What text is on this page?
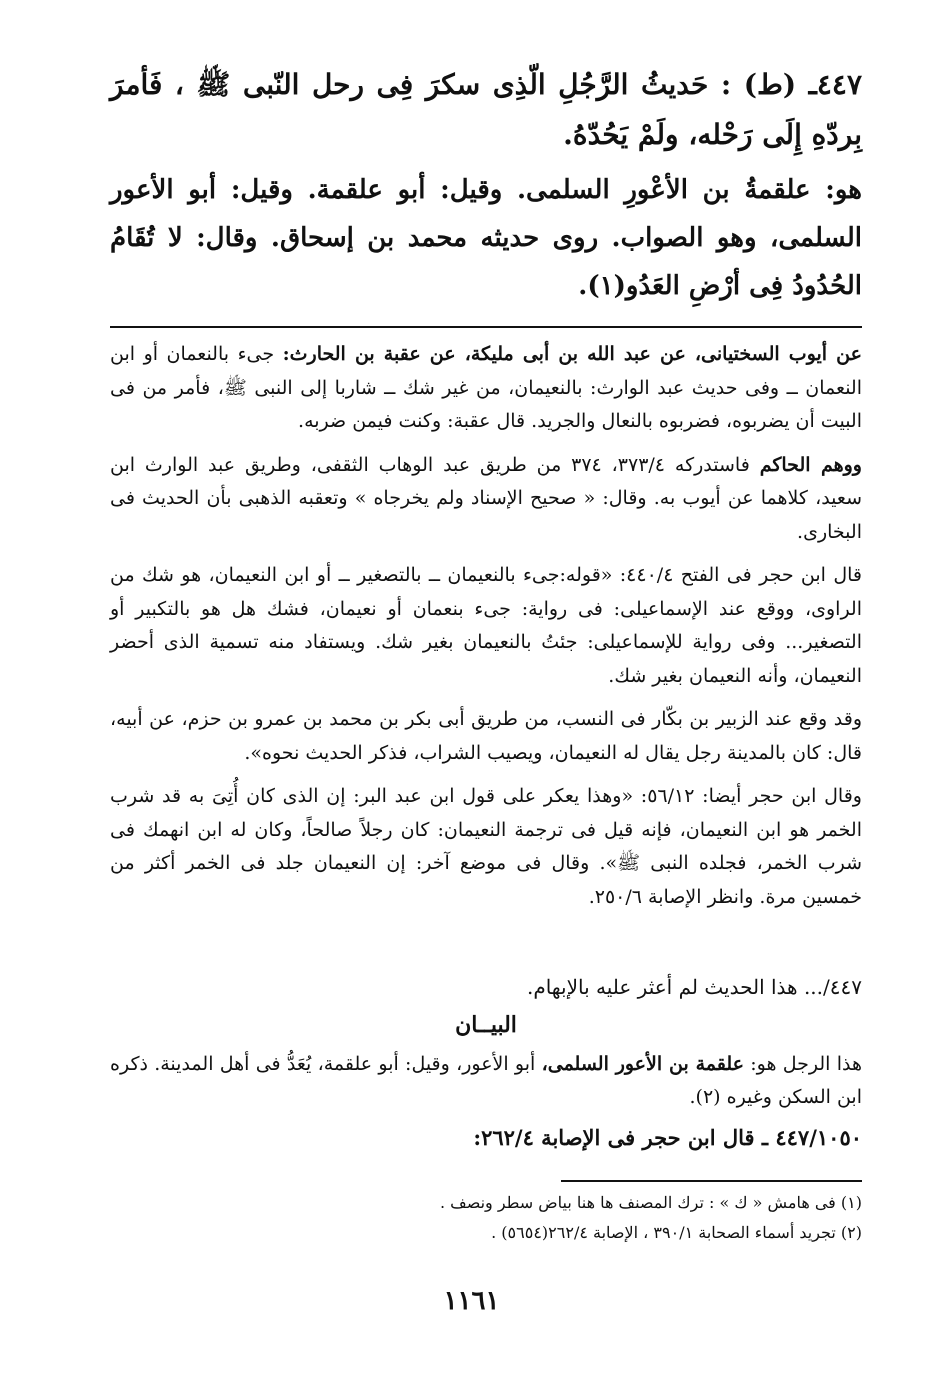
٤٤٧ـ (ط) : حَديثُ الرَّجُلِ الّذِى سكرَ فِى رحل النّبى ﷺ ، فَأمرَ بِردّهِ إِلَى رَحْله، ولَمْ يَحُدّهُ.

هو: علقمةُ بن الأعْورِ السلمى. وقيل: أبو علقمة. وقيل: أبو الأعور السلمى، وهو الصواب. روى حديثه محمد بن إسحاق. وقال: لا تُقَامُ الحُدُودُ فِى أرْضِ العَدُو(١).

عن أيوب السختيانى، عن عبد الله بن أبى مليكة، عن عقبة بن الحارث: جىء بالنعمان أو ابن النعمان ــ وفى حديث عبد الوارث: بالنعيمان، من غير شك ــ شاربا إلى النبى ﷺ، فأمر من فى البيت أن يضربوه، فضربوه بالنعال والجريد. قال عقبة: وكنت فيمن ضربه.

ووهم الحاكم فاستدركه ٣٧٣/٤، ٣٧٤ من طريق عبد الوهاب الثقفى، وطريق عبد الوارث ابن سعيد، كلاهما عن أيوب به. وقال: « صحيح الإسناد ولم يخرجاه » وتعقبه الذهبى بأن الحديث فى البخارى.

قال ابن حجر فى الفتح ٤٤٠/٤: «قوله:جىء بالنعيمان ــ بالتصغير ــ أو ابن النعيمان، هو شك من الراوى، ووقع عند الإسماعيلى: فى رواية: جىء بنعمان أو نعيمان، فشك هل هو بالتكبير أو التصغير... وفى رواية للإسماعيلى: جئتُ بالنعيمان بغير شك. ويستفاد منه تسمية الذى أحضر النعيمان، وأنه النعيمان بغير شك.

وقد وقع عند الزبير بن بكّار فى النسب، من طريق أبى بكر بن محمد بن عمرو بن حزم، عن أبيه، قال: كان بالمدينة رجل يقال له النعيمان، ويصيب الشراب، فذكر الحديث نحوه».

وقال ابن حجر أيضا: ٥٦/١٢: «وهذا يعكر على قول ابن عبد البر: إن الذى كان أُتِىَ به قد شرب الخمر هو ابن النعيمان، فإنه قيل فى ترجمة النعيمان: كان رجلاً صالحاً، وكان له ابن انهمك فى شرب الخمر، فجلده النبى ﷺ». وقال فى موضع آخر: إن النعيمان جلد فى الخمر أكثر من خمسين مرة. وانظر الإصابة ٢٥٠/٦.

٤٤٧/... هذا الحديث لم أعثر عليه بالإبهام.

البيــان

هذا الرجل هو: علقمة بن الأعور السلمى، أبو الأعور، وقيل: أبو علقمة، يُعَدُّ فى أهل المدينة. ذكره ابن السكن وغيره (٢).

٤٤٧/١٠٥٠ ـ قال ابن حجر فى الإصابة ٢٦٢/٤:

(١) فى هامش « ك » : ترك المصنف ها هنا بياض سطر ونصف .

(٢) تجريد أسماء الصحابة ٣٩٠/١ ، الإصابة ٢٦٢/٤(٥٦٥٤) .

١١٦١
